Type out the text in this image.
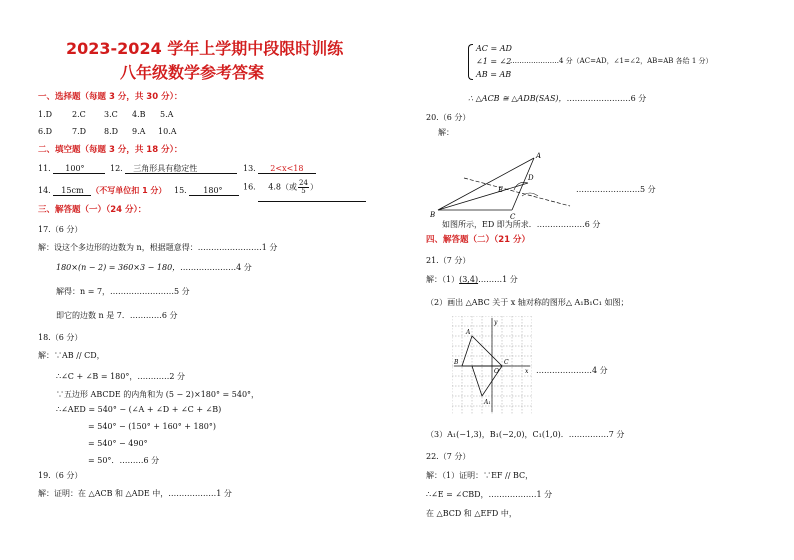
2023-2024 学年上学期中段限时训练
八年级数学参考答案
一、选择题（每题 3 分，共 30 分）：
1.D 2.C 3.C 4.B 5.A
6.D 7.D 8.D 9.A 10.A
二、填空题（每题 3 分，共 18 分）：
11. 100°	12. 三角形具有稳定性	13. 2<x<18
14. 15cm （不写单位扣 1 分） 15. 180°	16. 4.8（或 $\frac{24}{5}$ ）
三、解答题（一）（24 分）：
17.（6 分）
解：设这个多边形的边数为 n，根据题意得：……………………1 分
180×(n − 2) = 360×3 − 180，…………………4 分
解得：n = 7，……………………5 分
即它的边数 n 是 7．…………6 分
18.（6 分）
解：∵AB // CD，
∴∠C + ∠B = 180°，…………2 分
∵五边形 ABCDE 的内角和为 (5 − 2)×180° = 540°，
∴∠AED = 540° − (∠A + ∠D + ∠C + ∠B)
= 540° − (150° + 160° + 180°)
= 540° − 490°
= 50°．………6 分
19.（6 分）
解：证明：在 △ACB 和 △ADE 中，………………1 分
AC = AD
∠1 = ∠2
AB = AB
…………………4 分（AC=AD，∠1=∠2，AB=AB 各给 1 分）
∴ △ACB ≅ △ADB(SAS)，……………………6 分
20.（6 分）
解：
A
B	C
D
E	……………………5 分
如图所示，ED 即为所求．………………6 分
四、解答题（二）（21 分）
21.（7 分）
解：（1）(3,4)………1 分
（2）画出 △ABC 关于 x 轴对称的图形△ A₁B₁C₁ 如图；
y
x
O
A
B	C
A₁
…………………4 分
（3）A₁(−1,3)，B₁(−2,0)，C₁(1,0)．……………7 分
22.（7 分）
解：（1）证明：∵EF // BC，
∴∠E = ∠CBD，………………1 分
在 △BCD 和 △EFD 中，
